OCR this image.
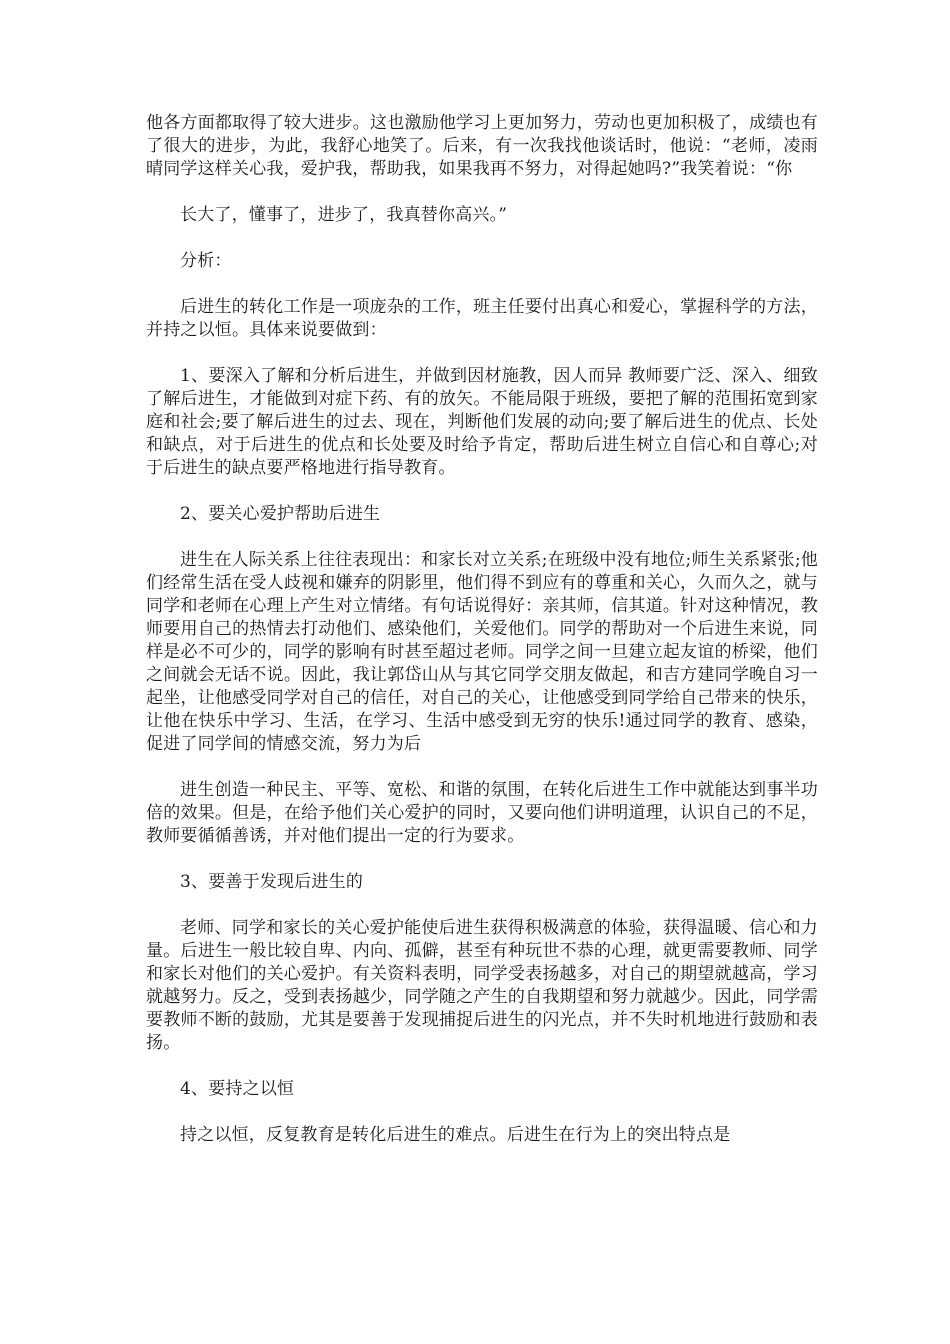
他各方面都取得了较大进步。这也激励他学习上更加努力，劳动也更加积极了，成绩也有了很大的进步，为此，我舒心地笑了。后来，有一次我找他谈话时，他说：“老师，凌雨晴同学这样关心我，爱护我，帮助我，如果我再不努力，对得起她吗?”我笑着说：“你

长大了，懂事了，进步了，我真替你高兴。”

分析：

后进生的转化工作是一项庞杂的工作，班主任要付出真心和爱心，掌握科学的方法，并持之以恒。具体来说要做到：

1、要深入了解和分析后进生，并做到因材施教，因人而异 教师要广泛、深入、细致了解后进生，才能做到对症下药、有的放矢。不能局限于班级，要把了解的范围拓宽到家庭和社会;要了解后进生的过去、现在，判断他们发展的动向;要了解后进生的优点、长处和缺点，对于后进生的优点和长处要及时给予肯定，帮助后进生树立自信心和自尊心;对于后进生的缺点要严格地进行指导教育。

2、要关心爱护帮助后进生

进生在人际关系上往往表现出：和家长对立关系;在班级中没有地位;师生关系紧张;他们经常生活在受人歧视和嫌弃的阴影里，他们得不到应有的尊重和关心，久而久之，就与同学和老师在心理上产生对立情绪。有句话说得好：亲其师，信其道。针对这种情况，教师要用自己的热情去打动他们、感染他们，关爱他们。同学的帮助对一个后进生来说，同样是必不可少的，同学的影响有时甚至超过老师。同学之间一旦建立起友谊的桥梁，他们之间就会无话不说。因此，我让郭岱山从与其它同学交朋友做起，和吉方建同学晚自习一起坐，让他感受同学对自己的信任，对自己的关心，让他感受到同学给自己带来的快乐，让他在快乐中学习、生活，在学习、生活中感受到无穷的快乐!通过同学的教育、感染，促进了同学间的情感交流，努力为后

进生创造一种民主、平等、宽松、和谐的氛围，在转化后进生工作中就能达到事半功倍的效果。但是，在给予他们关心爱护的同时，又要向他们讲明道理，认识自己的不足，教师要循循善诱，并对他们提出一定的行为要求。

3、要善于发现后进生的

老师、同学和家长的关心爱护能使后进生获得积极满意的体验，获得温暖、信心和力量。后进生一般比较自卑、内向、孤僻，甚至有种玩世不恭的心理，就更需要教师、同学和家长对他们的关心爱护。有关资料表明，同学受表扬越多，对自己的期望就越高，学习就越努力。反之，受到表扬越少，同学随之产生的自我期望和努力就越少。因此，同学需要教师不断的鼓励，尤其是要善于发现捕捉后进生的闪光点，并不失时机地进行鼓励和表扬。

4、要持之以恒

持之以恒，反复教育是转化后进生的难点。后进生在行为上的突出特点是
